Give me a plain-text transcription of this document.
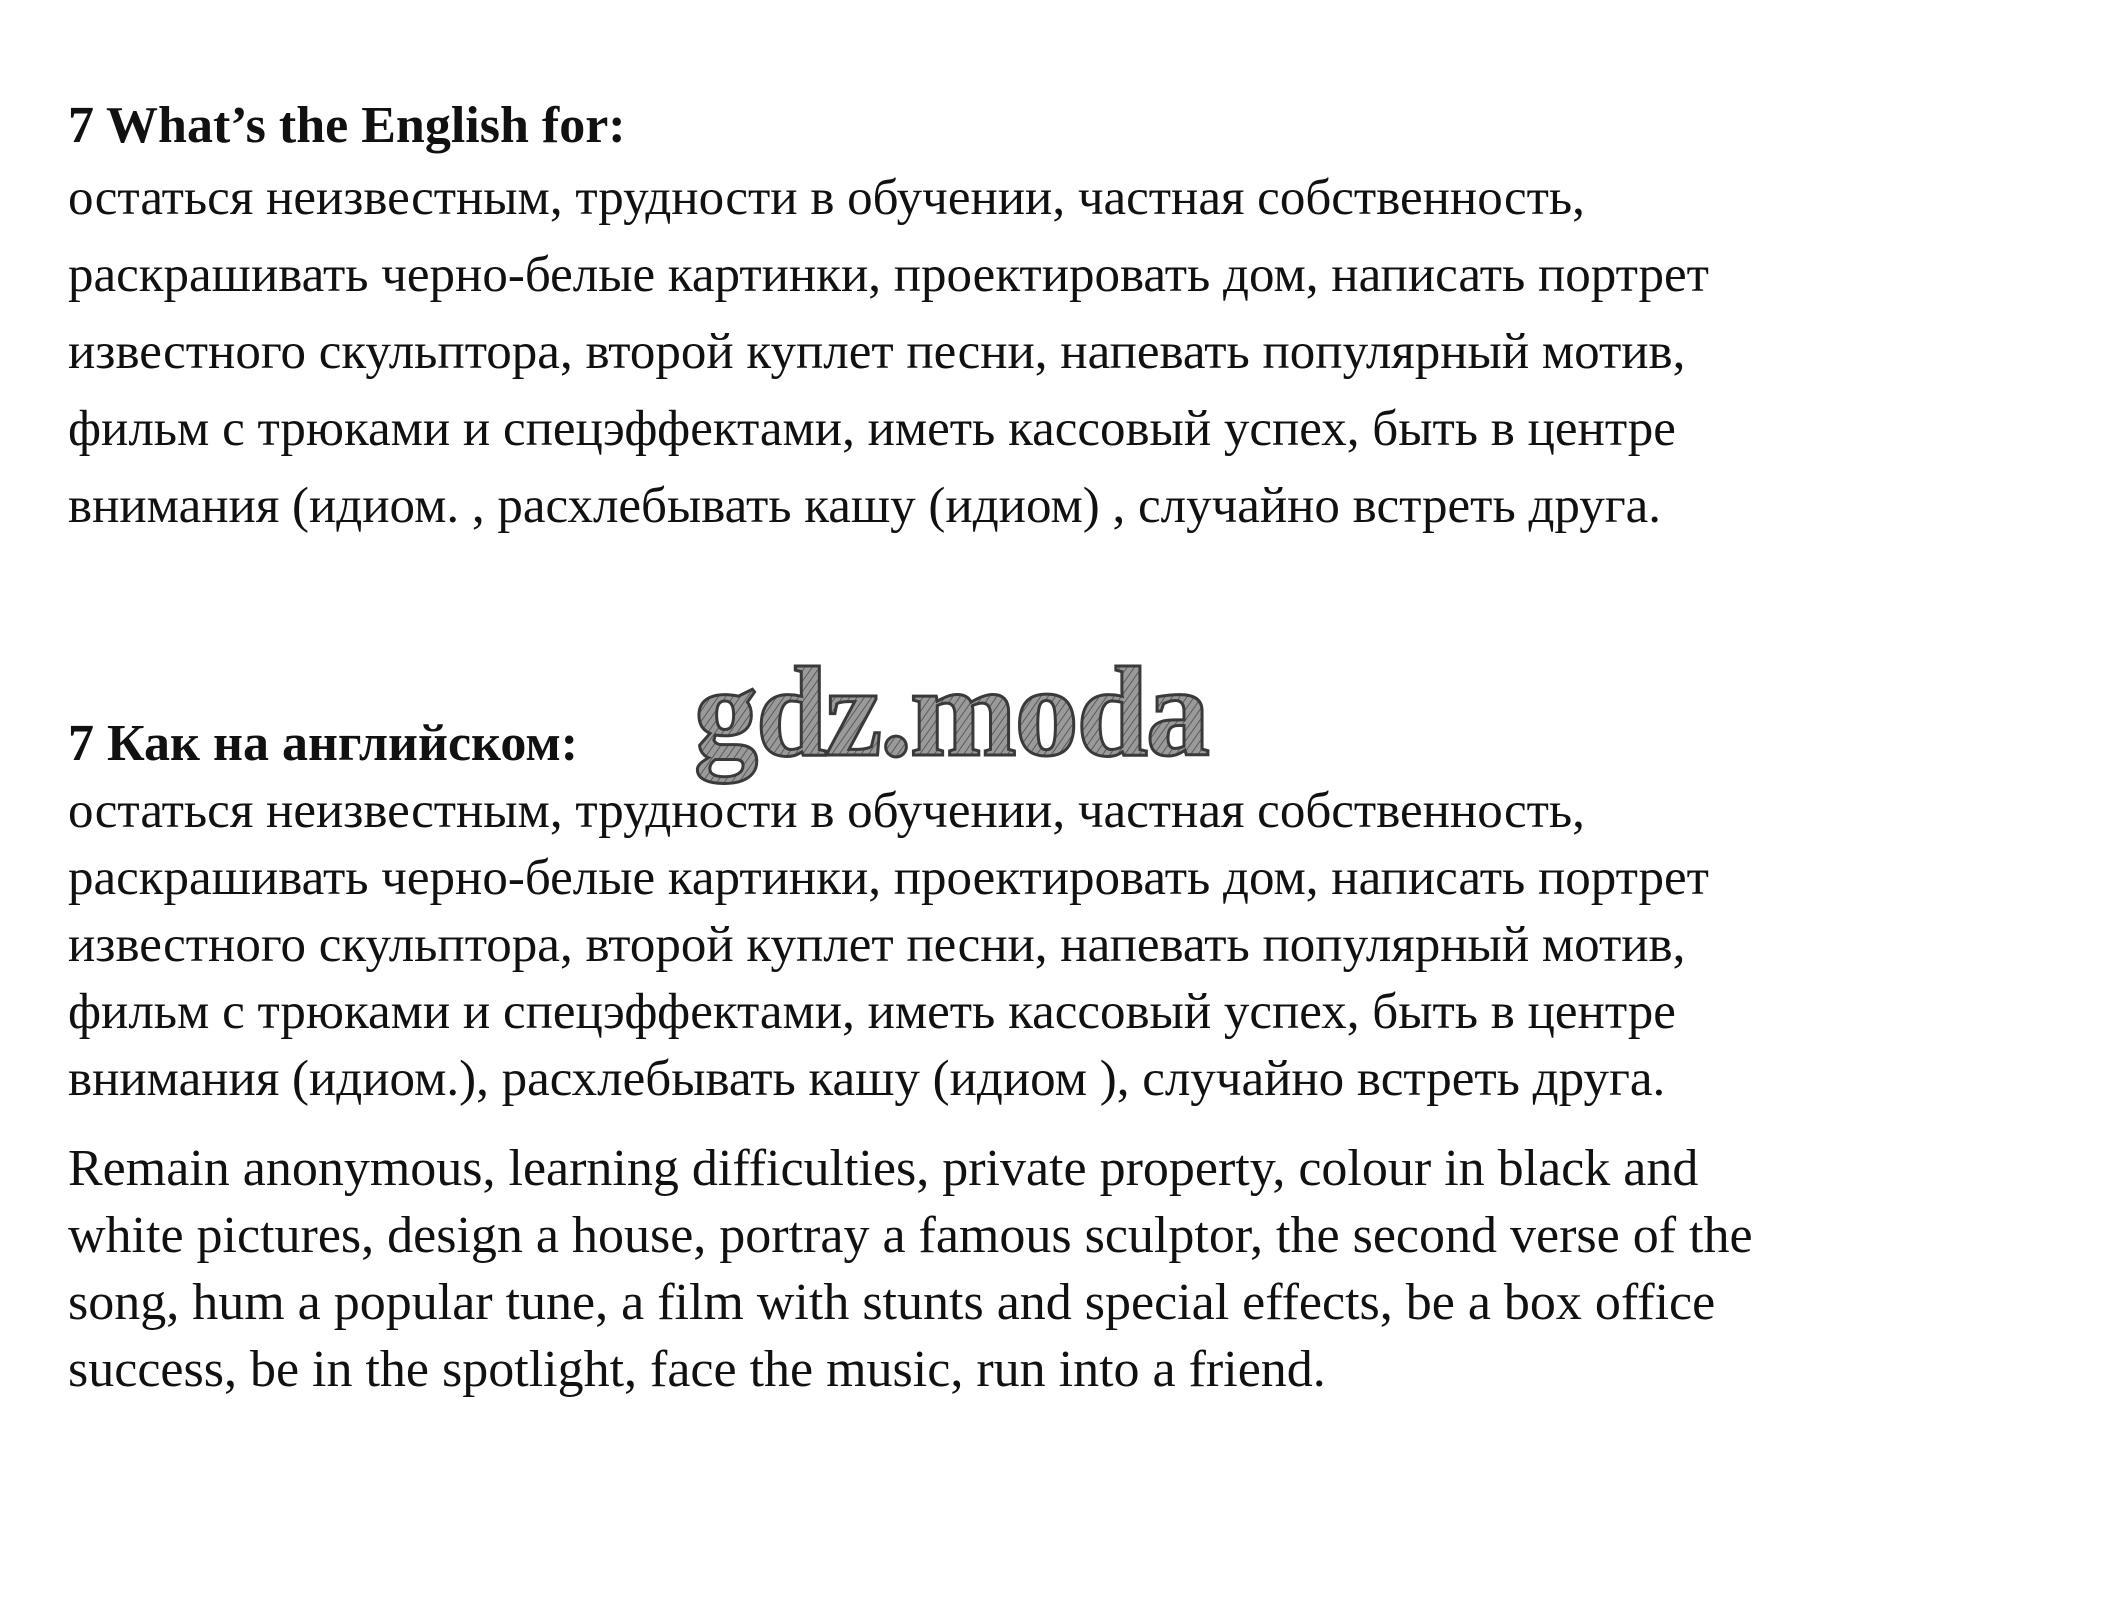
7 What’s the English for:

остаться неизвестным, трудности в обучении, частная собственность,

раскрашивать черно-белые картинки, проектировать дом, написать портрет

известного скульптора, второй куплет песни, напевать популярный мотив,

фильм с трюками и спецэффектами, иметь кассовый успех, быть в центре

внимания (идиом. , расхлебывать кашу (идиом) , случайно встреть друга.

gdz.moda

7 Как на английском:

остаться неизвестным, трудности в обучении, частная собственность,

раскрашивать черно-белые картинки, проектировать дом, написать портрет

известного скульптора, второй куплет песни, напевать популярный мотив,

фильм с трюками и спецэффектами, иметь кассовый успех, быть в центре

внимания (идиом.), расхлебывать кашу (идиом ), случайно встреть друга.

Remain anonymous, learning difficulties, private property, colour in black and

white pictures, design a house, portray a famous sculptor, the second verse of the

song, hum a popular tune, a film with stunts and special effects, be a box office

success, be in the spotlight, face the music, run into a friend.
